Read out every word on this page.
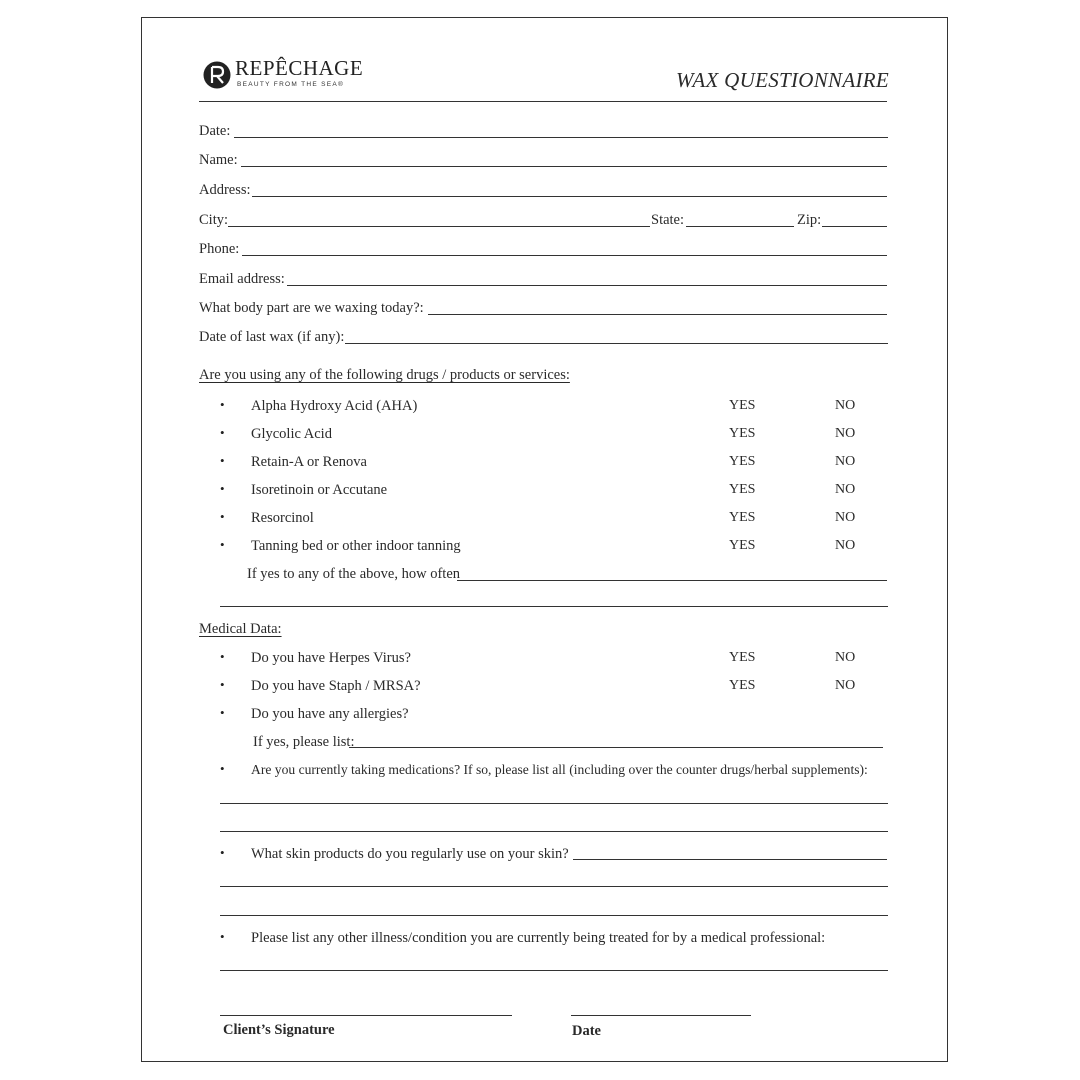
REPÊCHAGE
BEAUTY FROM THE SEA®	WAX QUESTIONNAIRE
Date:
Name:
Address:
City:	State:	Zip:
Phone:
Email address:
What body part are we waxing today?:
Date of last wax (if any):
Are you using any of the following drugs / products or services:
• Alpha Hydroxy Acid (AHA)	YES	NO
• Glycolic Acid	YES	NO
• Retain-A or Renova	YES	NO
• Isoretinoin or Accutane	YES	NO
• Resorcinol	YES	NO
• Tanning bed or other indoor tanning	YES	NO
If yes to any of the above, how often
Medical Data:
• Do you have Herpes Virus?	YES	NO
• Do you have Staph / MRSA?	YES	NO
• Do you have any allergies?
If yes, please list:
• Are you currently taking medications? If so, please list all (including over the counter drugs/herbal supplements):
• What skin products do you regularly use on your skin?
• Please list any other illness/condition you are currently being treated for by a medical professional:
Client’s Signature	Date
